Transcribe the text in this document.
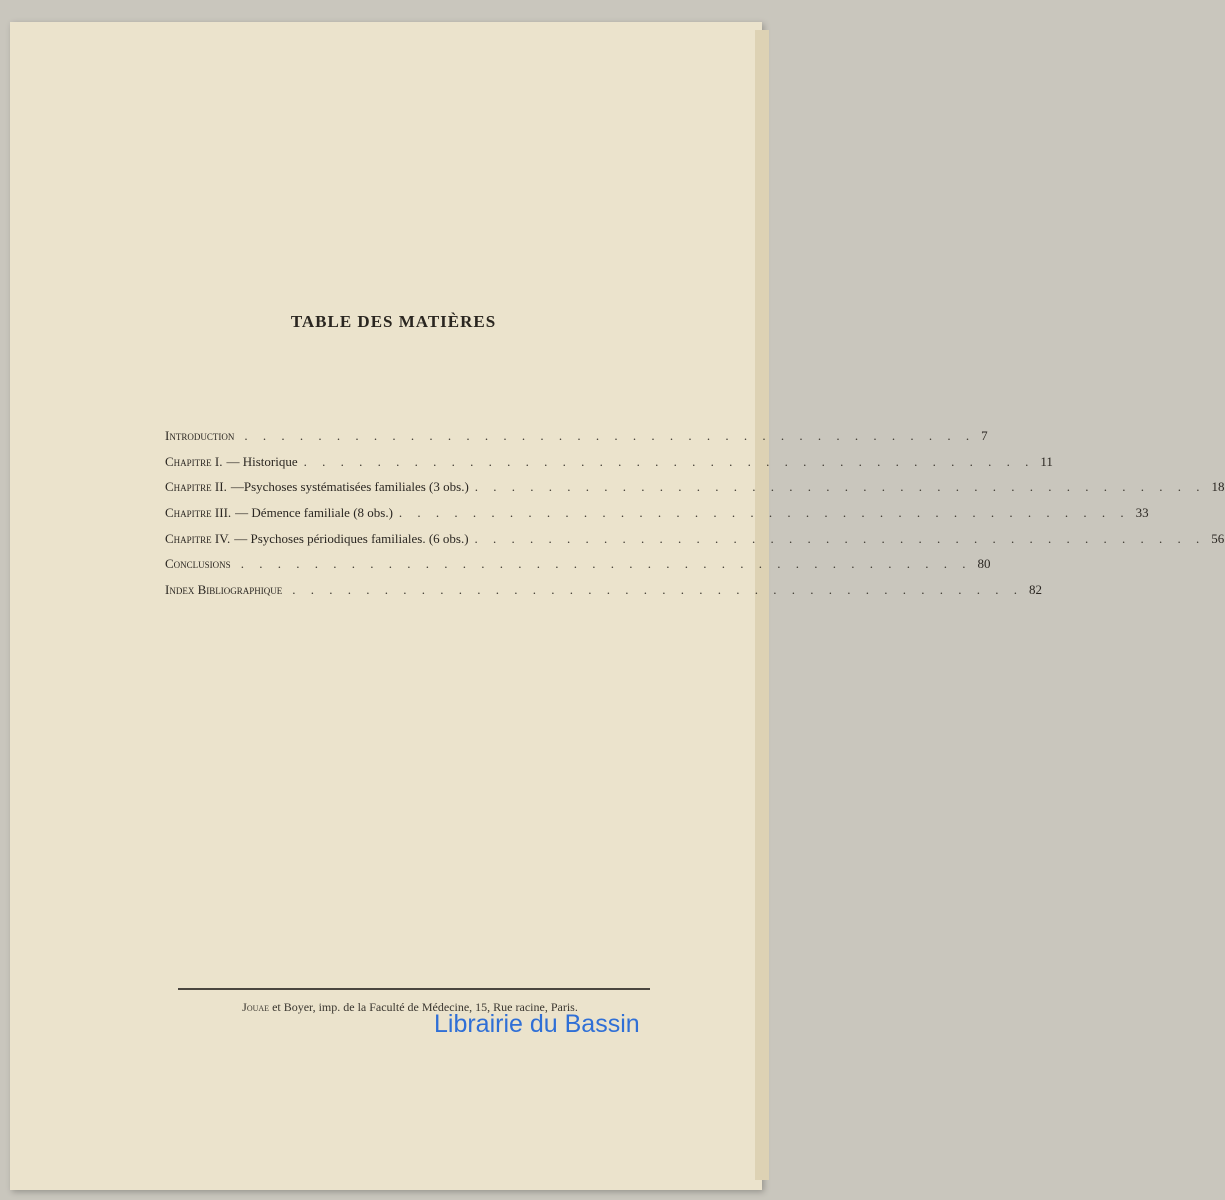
TABLE DES MATIÈRES
Introduction . . . . . . . . . . . . . . . . . . . . . . . . . . . . . . . . . . . . . . . . 7
Chapitre I. — Historique . . . . . . . . . . . . . . . . . . . . . . . . . . . . . . . . . . . . . . . . 11
Chapitre II. —Psychoses systématisées familiales (3 obs.) . . . . . . . . . . . . . . . . . . . . . . . . . . . . . . . . . . . . . . . . 18
Chapitre III. — Démence familiale (8 obs.) . . . . . . . . . . . . . . . . . . . . . . . . . . . . . . . . . . . . . . . . 33
Chapitre IV. — Psychoses périodiques familiales. (6 obs.) . . . . . . . . . . . . . . . . . . . . . . . . . . . . . . . . . . . . . . . . 56
Conclusions . . . . . . . . . . . . . . . . . . . . . . . . . . . . . . . . . . . . . . . . 80
Index Bibliographique . . . . . . . . . . . . . . . . . . . . . . . . . . . . . . . . . . . . . . . . 82
Jouae et Boyer, imp. de la Faculté de Médecine, 15, Rue racine, Paris.
Librairie du Bassin
